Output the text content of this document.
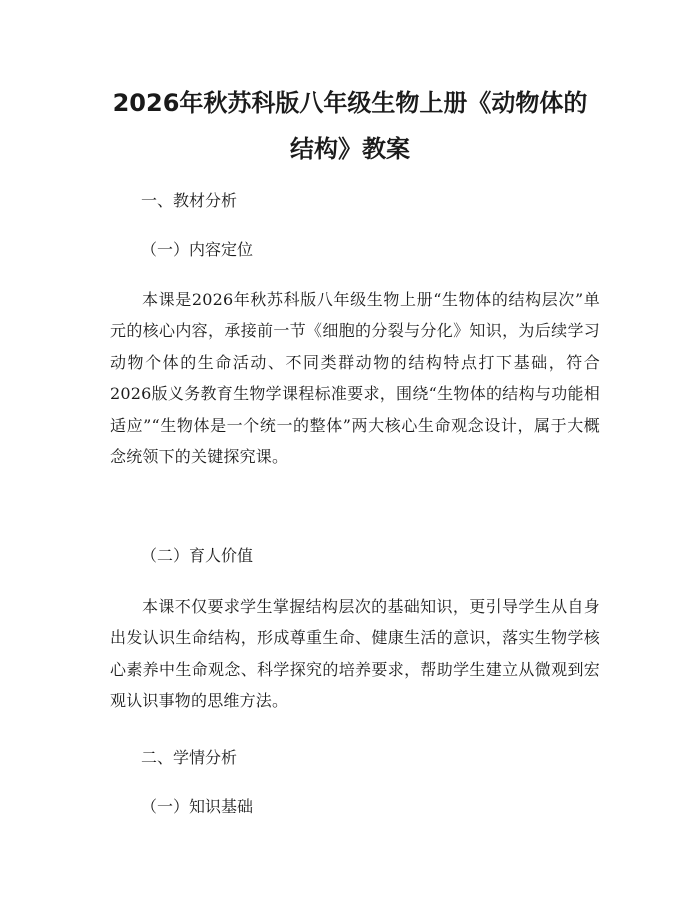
2026年秋苏科版八年级生物上册《动物体的
结构》教案
一、教材分析
（一）内容定位

本课是2026年秋苏科版八年级生物上册“生物体的结构层次”单元的核心内容，承接前一节《细胞的分裂与分化》知识，为后续学习动物个体的生命活动、不同类群动物的结构特点打下基础，符合2026版义务教育生物学课程标准要求，围绕“生物体的结构与功能相适应”“生物体是一个统一的整体”两大核心生命观念设计，属于大概念统领下的关键探究课。

（二）育人价值

本课不仅要求学生掌握结构层次的基础知识，更引导学生从自身出发认识生命结构，形成尊重生命、健康生活的意识，落实生物学核心素养中生命观念、科学探究的培养要求，帮助学生建立从微观到宏观认识事物的思维方法。

二、学情分析
（一）知识基础
